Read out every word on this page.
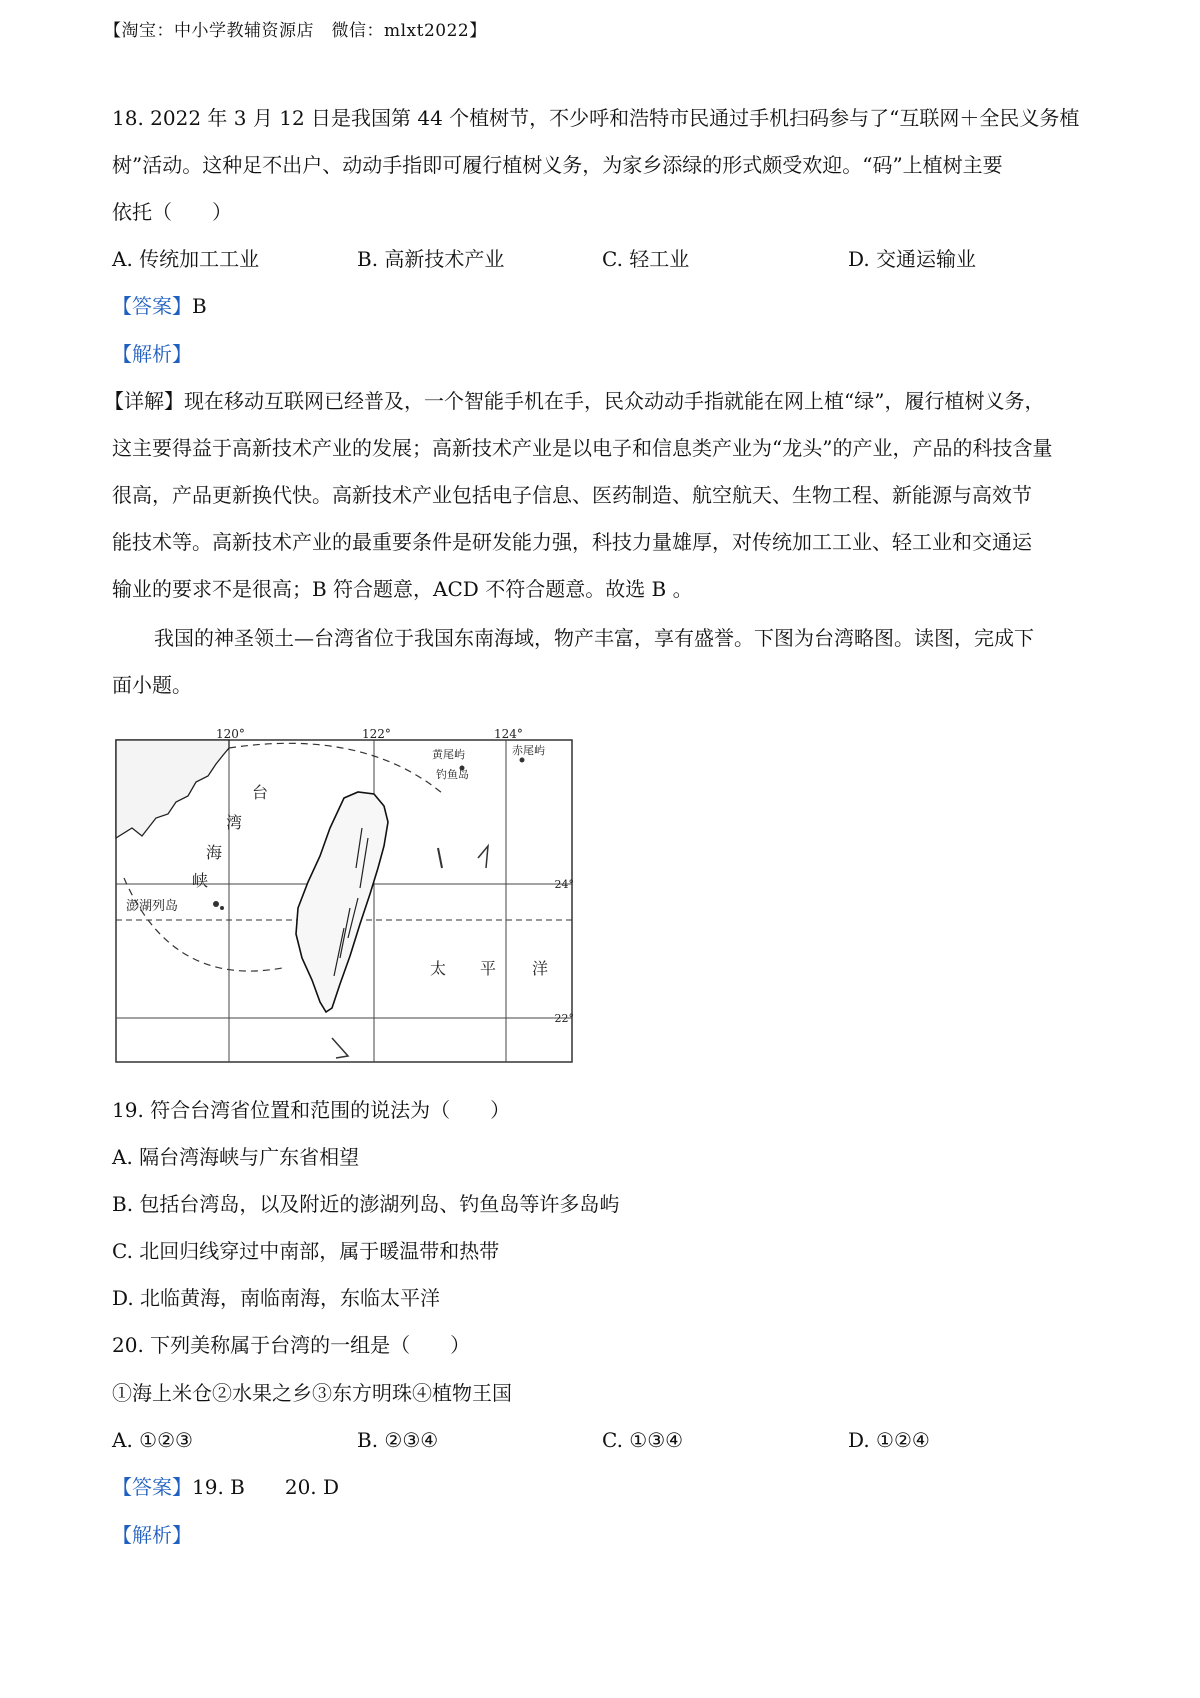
【淘宝：中小学教辅资源店　微信：mlxt2022】
18. 2022 年 3 月 12 日是我国第 44 个植树节，不少呼和浩特市民通过手机扫码参与了“互联网＋全民义务植
树”活动。这种足不出户、动动手指即可履行植树义务，为家乡添绿的形式颇受欢迎。“码”上植树主要
依托（　　）
A. 传统加工工业	B. 高新技术产业	C. 轻工业	D. 交通运输业
【答案】B
【解析】
【详解】现在移动互联网已经普及，一个智能手机在手，民众动动手指就能在网上植“绿”，履行植树义务，
这主要得益于高新技术产业的发展；高新技术产业是以电子和信息类产业为“龙头”的产业，产品的科技含量
很高，产品更新换代快。高新技术产业包括电子信息、医药制造、航空航天、生物工程、新能源与高效节
能技术等。高新技术产业的最重要条件是研发能力强，科技力量雄厚，对传统加工工业、轻工业和交通运
输业的要求不是很高；B 符合题意，ACD 不符合题意。故选 B 。
我国的神圣领土—台湾省位于我国东南海域，物产丰富，享有盛誉。下图为台湾略图。读图，完成下
面小题。
120°	122°	124°
24°
22°
台
湾
海
峡
澎湖列岛
黄尾屿	赤尾屿
钓鱼岛
太 平 洋
19. 符合台湾省位置和范围的说法为（　　）
A. 隔台湾海峡与广东省相望
B. 包括台湾岛，以及附近的澎湖列岛、钓鱼岛等许多岛屿
C. 北回归线穿过中南部，属于暖温带和热带
D. 北临黄海，南临南海，东临太平洋
20. 下列美称属于台湾的一组是（　　）
①海上米仓②水果之乡③东方明珠④植物王国
A. ①②③	B. ②③④	C. ①③④	D. ①②④
【答案】19. B　　20. D
【解析】
